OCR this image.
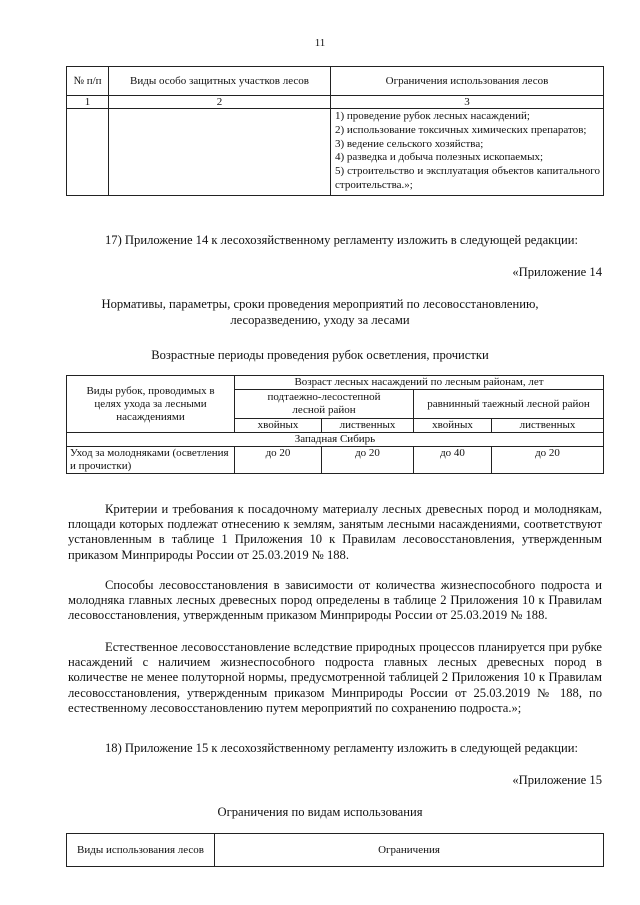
11
№ п/п	Виды особо защитных участков лесов	Ограничения использования лесов
1	2	3

		1) проведение рубок лесных насаждений;
2) использование токсичных химических препаратов;
3) ведение сельского хозяйства;
4) разведка и добыча полезных ископаемых;
5) строительство и эксплуатация объектов капитального строительства.»;

17) Приложение 14 к лесохозяйственному регламенту изложить в следующей редакции:

«Приложение 14

Нормативы, параметры, сроки проведения мероприятий по лесовосстановлению, лесоразведению, уходу за лесами

Возрастные периоды проведения рубок осветления, прочистки

Виды рубок, проводимых в целях ухода за лесными насаждениями	Возраст лесных насаждений по лесным районам, лет			
	подтаежно-лесостепной лесной район		равнинный таежный лесной район	
	хвойных	лиственных	хвойных	лиственных
Западная Сибирь				
Уход за молодняками (осветления и прочистки)	до 20	до 20	до 40	до 20

Критерии и требования к посадочному материалу лесных древесных пород и молоднякам, площади которых подлежат отнесению к землям, занятым лесными насаждениями, соответствуют установленным в таблице 1 Приложения 10 к Правилам лесовосстановления, утвержденным приказом Минприроды России от 25.03.2019 № 188.

Способы лесовосстановления в зависимости от количества жизнеспособного подроста и молодняка главных лесных древесных пород определены в таблице 2 Приложения 10 к Правилам лесовосстановления, утвержденным приказом Минприроды России от 25.03.2019 № 188.

Естественное лесовосстановление вследствие природных процессов планируется при рубке насаждений с наличием жизнеспособного подроста главных лесных древесных пород в количестве не менее полуторной нормы, предусмотренной таблицей 2 Приложения 10 к Правилам лесовосстановления, утвержденным приказом Минприроды России от 25.03.2019 № 188, по естественному лесовосстановлению путем мероприятий по сохранению подроста.»;

18) Приложение 15 к лесохозяйственному регламенту изложить в следующей редакции:

«Приложение 15

Ограничения по видам использования

Виды использования лесов	Ограничения
